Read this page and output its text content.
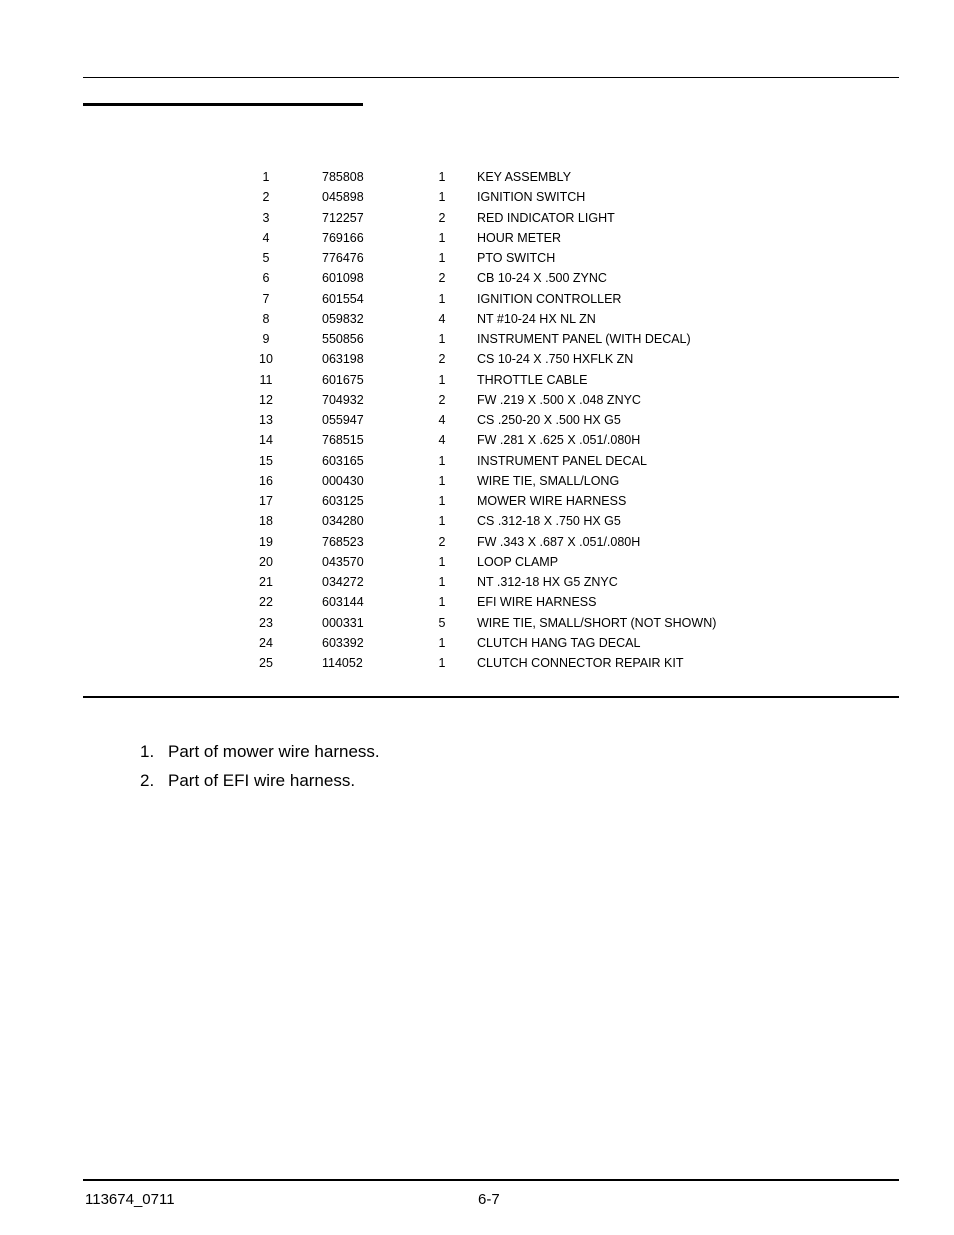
1	785808	1	KEY ASSEMBLY
2	045898	1	IGNITION SWITCH
3	712257	2	RED INDICATOR LIGHT
4	769166	1	HOUR METER
5	776476	1	PTO SWITCH
6	601098	2	CB 10-24 X .500 ZYNC
7	601554	1	IGNITION CONTROLLER
8	059832	4	NT #10-24 HX NL ZN
9	550856	1	INSTRUMENT PANEL (WITH DECAL)
10	063198	2	CS 10-24 X .750 HXFLK ZN
11	601675	1	THROTTLE CABLE
12	704932	2	FW .219 X .500 X .048 ZNYC
13	055947	4	CS .250-20 X .500 HX G5
14	768515	4	FW .281 X .625 X .051/.080H
15	603165	1	INSTRUMENT PANEL DECAL
16	000430	1	WIRE TIE, SMALL/LONG
17	603125	1	MOWER WIRE HARNESS
18	034280	1	CS .312-18 X .750 HX G5
19	768523	2	FW .343 X .687 X .051/.080H
20	043570	1	LOOP CLAMP
21	034272	1	NT .312-18 HX G5 ZNYC
22	603144	1	EFI WIRE HARNESS
23	000331	5	WIRE TIE, SMALL/SHORT (NOT SHOWN)
24	603392	1	CLUTCH HANG TAG DECAL
25	114052	1	CLUTCH CONNECTOR REPAIR KIT
1. Part of mower wire harness.
2. Part of EFI wire harness.
113674_0711	6-7
